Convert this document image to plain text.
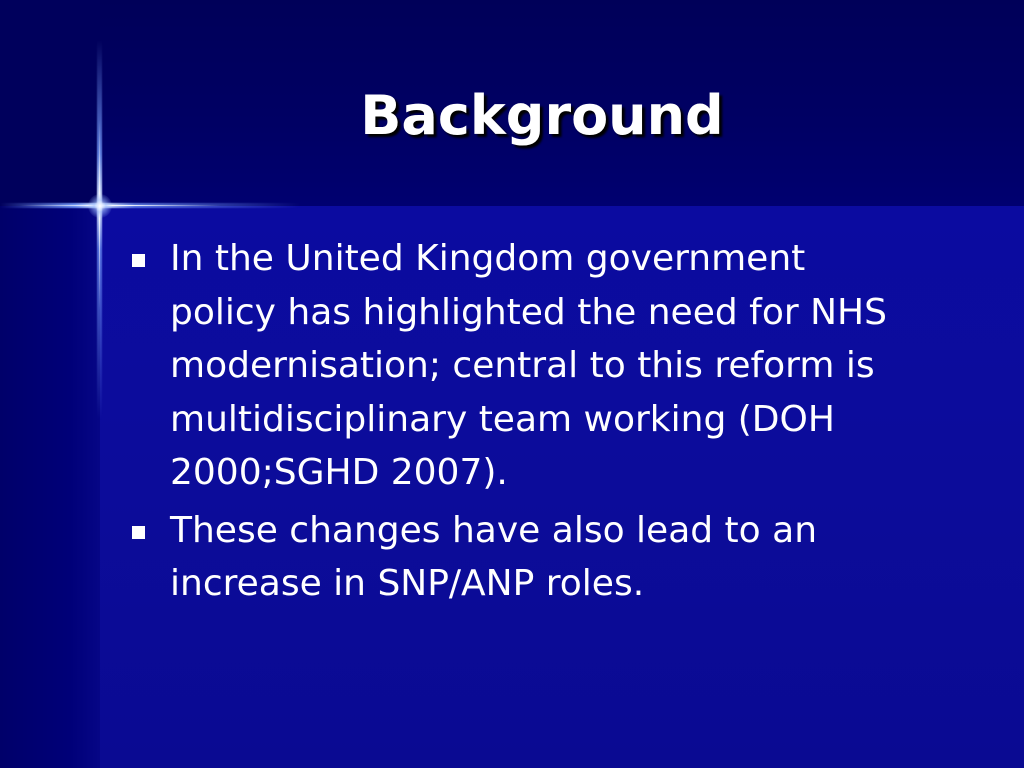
Background
In the United Kingdom government policy has highlighted the need for NHS modernisation; central to this reform is multidisciplinary team working (DOH 2000;SGHD 2007).
These changes have also lead to an increase in SNP/ANP roles.
